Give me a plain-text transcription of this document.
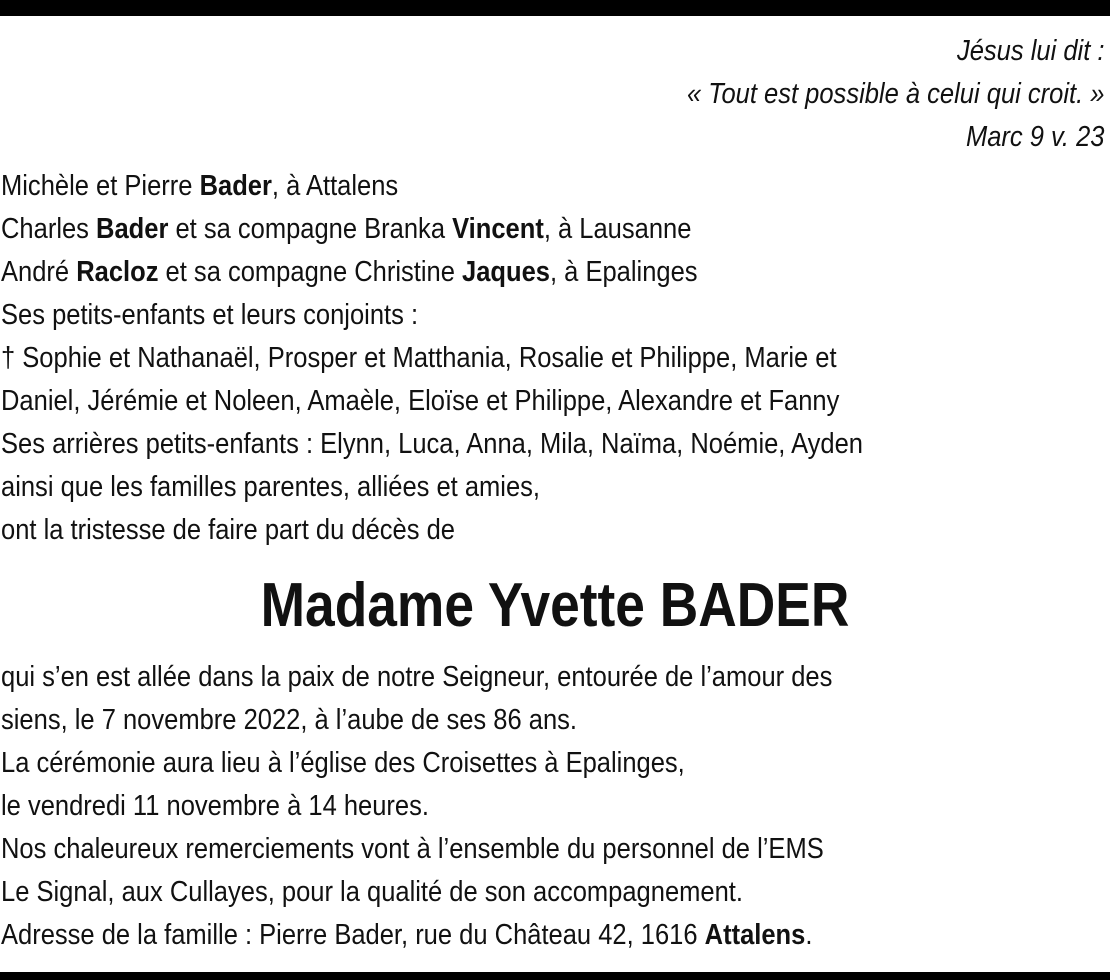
Jésus lui dit :
« Tout est possible à celui qui croit. »
Marc 9 v. 23
Michèle et Pierre Bader, à Attalens
Charles Bader et sa compagne Branka Vincent, à Lausanne
André Racloz et sa compagne Christine Jaques, à Epalinges
Ses petits-enfants et leurs conjoints :
† Sophie et Nathanaël, Prosper et Matthania, Rosalie et Philippe, Marie et
Daniel, Jérémie et Noleen, Amaèle, Eloïse et Philippe, Alexandre et Fanny
Ses arrières petits-enfants : Elynn, Luca, Anna, Mila, Naïma, Noémie, Ayden
ainsi que les familles parentes, alliées et amies,
ont la tristesse de faire part du décès de
Madame Yvette BADER
qui s’en est allée dans la paix de notre Seigneur, entourée de l’amour des
siens, le 7 novembre 2022, à l’aube de ses 86 ans.
La cérémonie aura lieu à l’église des Croisettes à Epalinges,
le vendredi 11 novembre à 14 heures.
Nos chaleureux remerciements vont à l’ensemble du personnel de l’EMS
Le Signal, aux Cullayes, pour la qualité de son accompagnement.
Adresse de la famille : Pierre Bader, rue du Château 42, 1616 Attalens.
